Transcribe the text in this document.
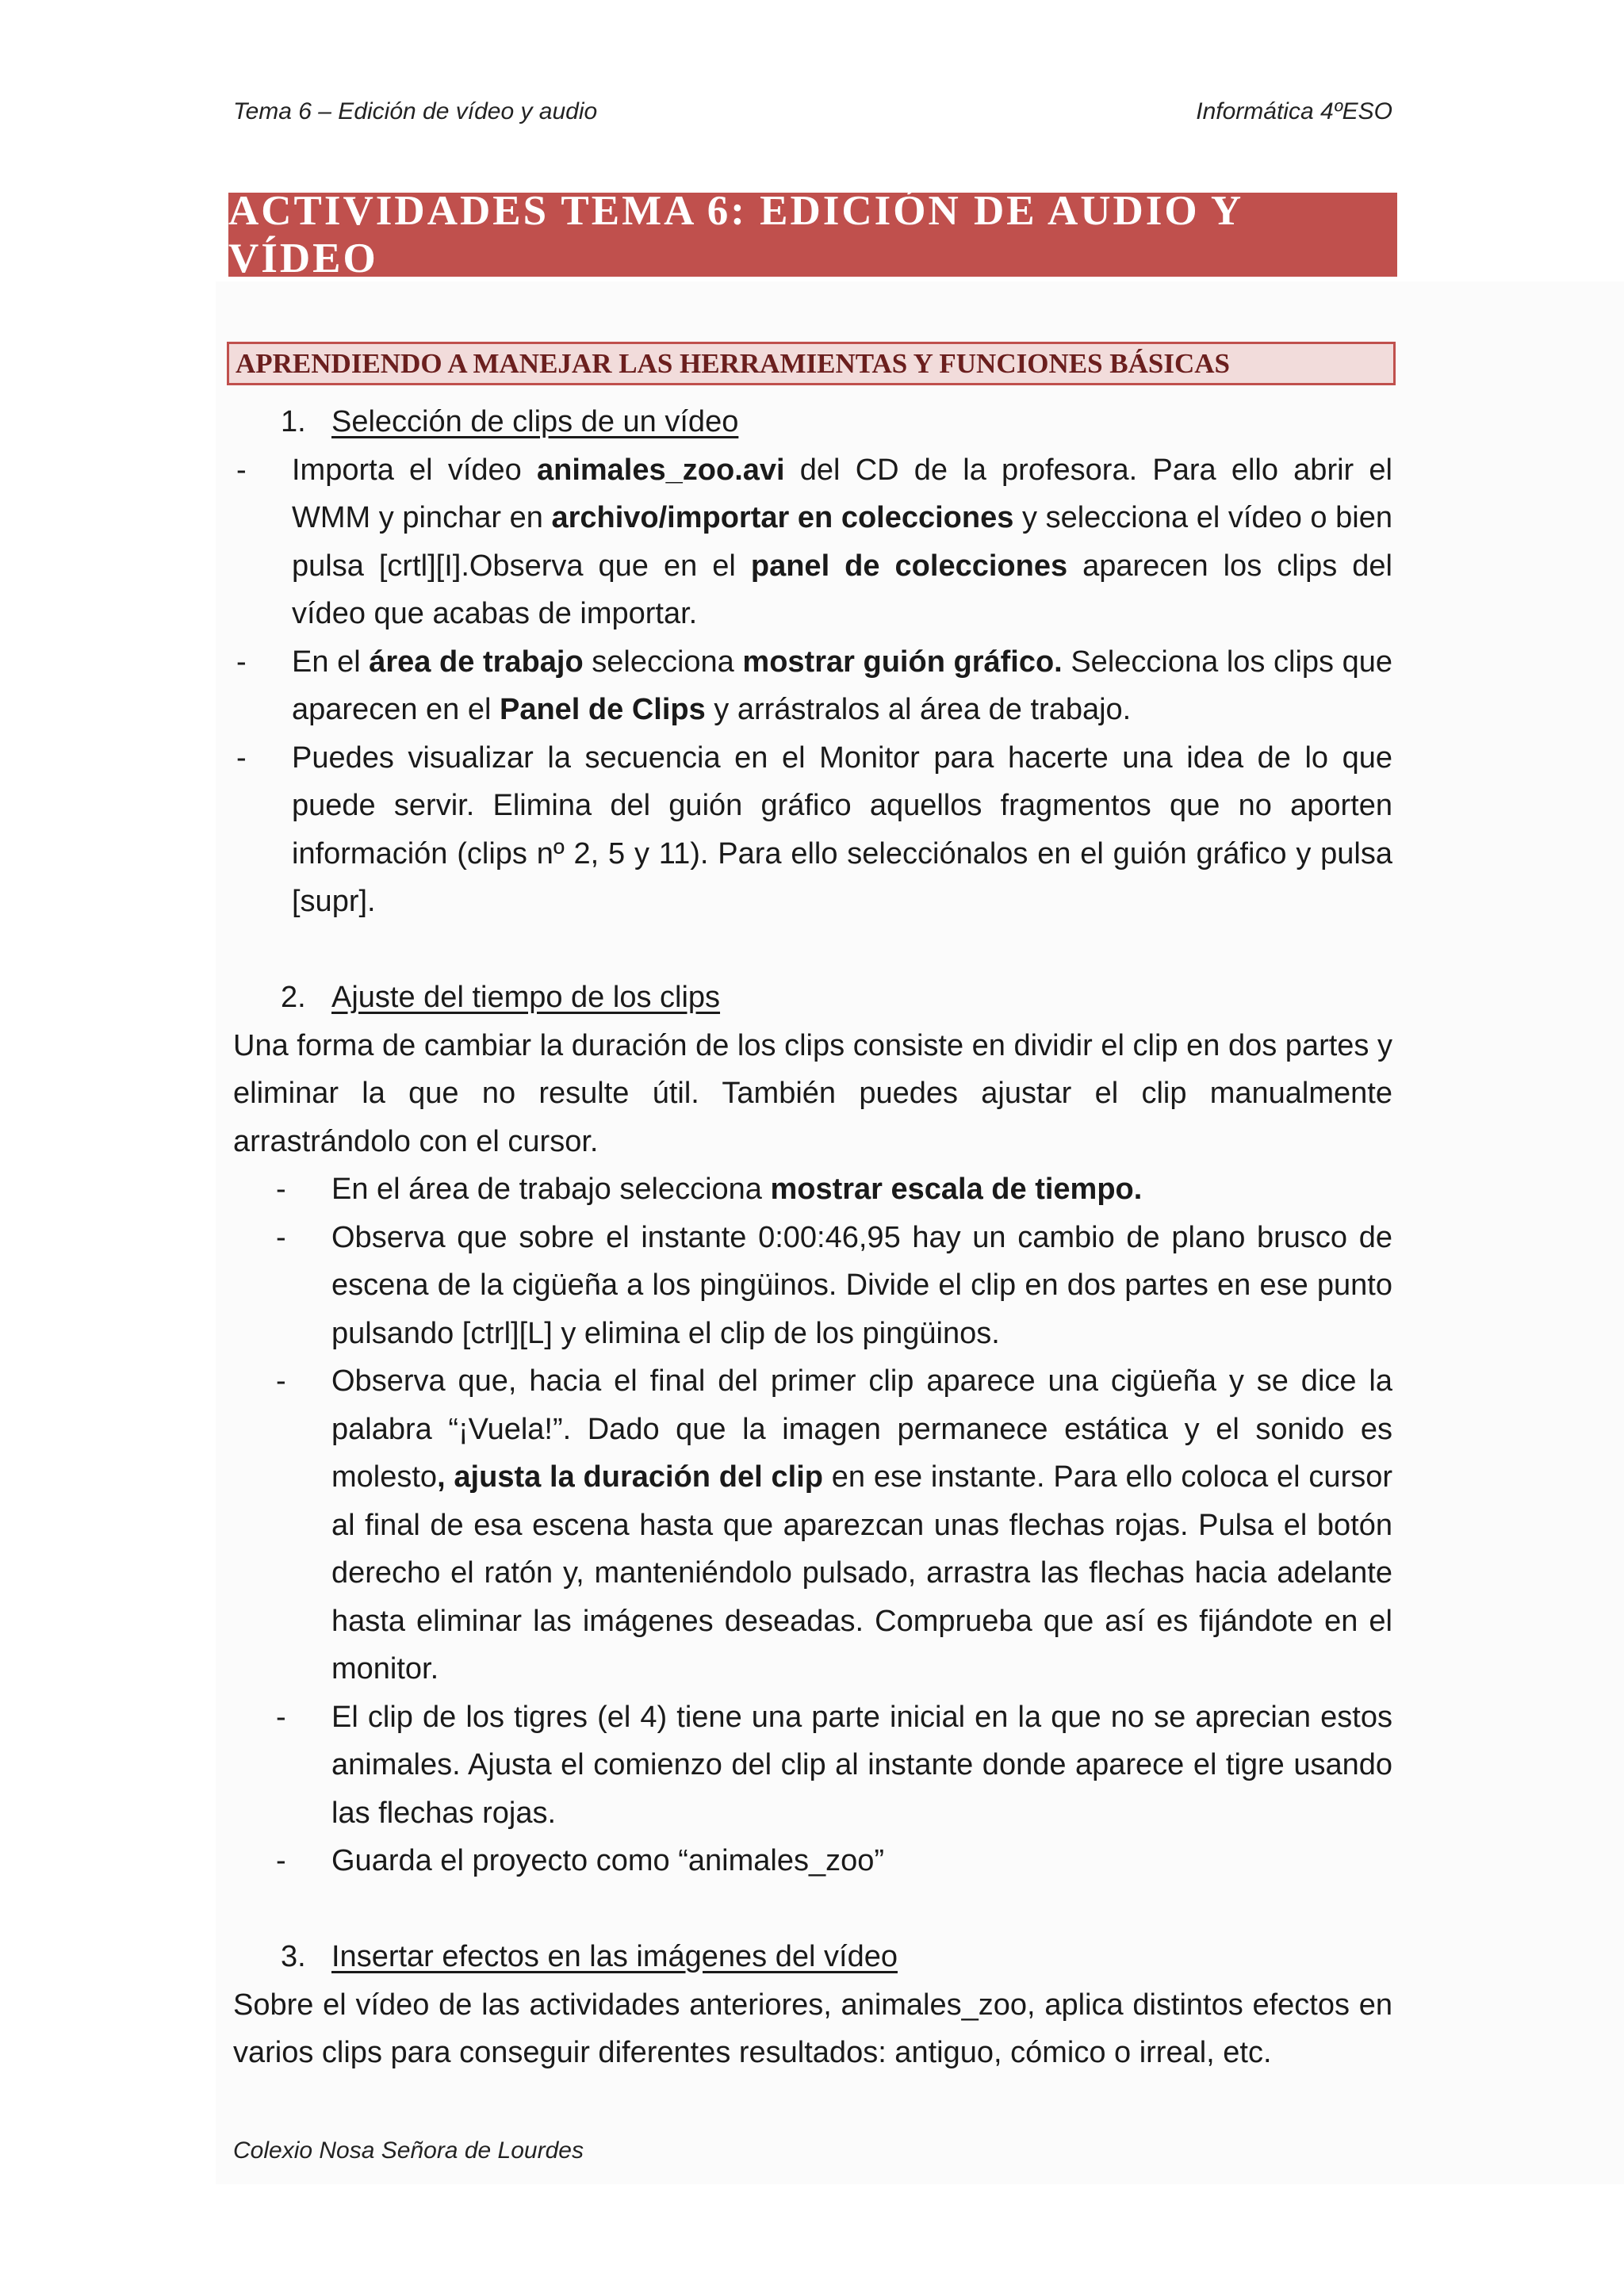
Tema 6 – Edición de vídeo y audio	Informática 4ºESO
ACTIVIDADES TEMA 6: EDICIÓN DE AUDIO Y VÍDEO
APRENDIENDO A MANEJAR LAS HERRAMIENTAS Y FUNCIONES BÁSICAS
1. Selección de clips de un vídeo
-	Importa el vídeo animales_zoo.avi del CD de la profesora. Para ello abrir el WMM y pinchar en archivo/importar en colecciones y selecciona el vídeo o bien pulsa [crtl][I].Observa que en el panel de colecciones aparecen los clips del vídeo que acabas de importar.
-	En el área de trabajo selecciona mostrar guión gráfico. Selecciona los clips que aparecen en el Panel de Clips y arrástralos al área de trabajo.
-	Puedes visualizar la secuencia en el Monitor para hacerte una idea de lo que puede servir. Elimina del guión gráfico aquellos fragmentos que no aporten información (clips nº 2, 5 y 11). Para ello selecciónalos en el guión gráfico y pulsa [supr].
2. Ajuste del tiempo de los clips
Una forma de cambiar la duración de los clips consiste en dividir el clip en dos partes y eliminar la que no resulte útil. También puedes ajustar el clip manualmente arrastrándolo con el cursor.
-	En el área de trabajo selecciona mostrar escala de tiempo.
-	Observa que sobre el instante 0:00:46,95 hay un cambio de plano brusco de escena de la cigüeña a los pingüinos. Divide el clip en dos partes en ese punto pulsando [ctrl][L] y elimina el clip de los pingüinos.
-	Observa que, hacia el final del primer clip aparece una cigüeña y se dice la palabra “¡Vuela!”. Dado que la imagen permanece estática y el sonido es molesto, ajusta la duración del clip en ese instante. Para ello coloca el cursor al final de esa escena hasta que aparezcan unas flechas rojas. Pulsa el botón derecho el ratón y, manteniéndolo pulsado, arrastra las flechas hacia adelante hasta eliminar las imágenes deseadas. Comprueba que así es fijándote en el monitor.
-	El clip de los tigres (el 4) tiene una parte inicial en la que no se aprecian estos animales. Ajusta el comienzo del clip al instante donde aparece el tigre usando las flechas rojas.
-	Guarda el proyecto como “animales_zoo”
3. Insertar efectos en las imágenes del vídeo
Sobre el vídeo de las actividades anteriores, animales_zoo, aplica distintos efectos en varios clips para conseguir diferentes resultados: antiguo, cómico o irreal, etc.
Colexio Nosa Señora de Lourdes
